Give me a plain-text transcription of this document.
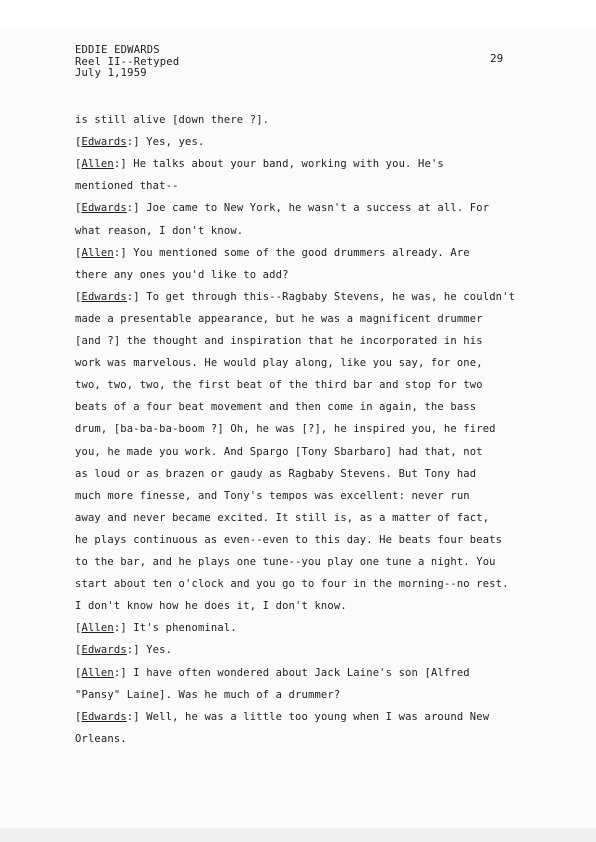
EDDIE EDWARDS
Reel II--Retyped
July 1,1959
29
is still alive [down there ?].
[Edwards:] Yes, yes.
[Allen:] He talks about your band, working with you. He's
mentioned that--
[Edwards:] Joe came to New York, he wasn't a success at all. For
what reason, I don't know.
[Allen:] You mentioned some of the good drummers already. Are
there any ones you'd like to add?
[Edwards:] To get through this--Ragbaby Stevens, he was, he couldn't
made a presentable appearance, but he was a magnificent drummer
[and ?] the thought and inspiration that he incorporated in his
work was marvelous. He would play along, like you say, for one,
two, two, two, the first beat of the third bar and stop for two
beats of a four beat movement and then come in again, the bass
drum, [ba-ba-ba-boom ?] Oh, he was [?], he inspired you, he fired
you, he made you work. And Spargo [Tony Sbarbaro] had that, not
as loud or as brazen or gaudy as Ragbaby Stevens. But Tony had
much more finesse, and Tony's tempos was excellent: never run
away and never became excited. It still is, as a matter of fact,
he plays continuous as even--even to this day. He beats four beats
to the bar, and he plays one tune--you play one tune a night. You
start about ten o'clock and you go to four in the morning--no rest.
I don't know how he does it, I don't know.
[Allen:] It's phenominal.
[Edwards:] Yes.
[Allen:] I have often wondered about Jack Laine's son [Alfred
"Pansy" Laine]. Was he much of a drummer?
[Edwards:] Well, he was a little too young when I was around New
Orleans.
